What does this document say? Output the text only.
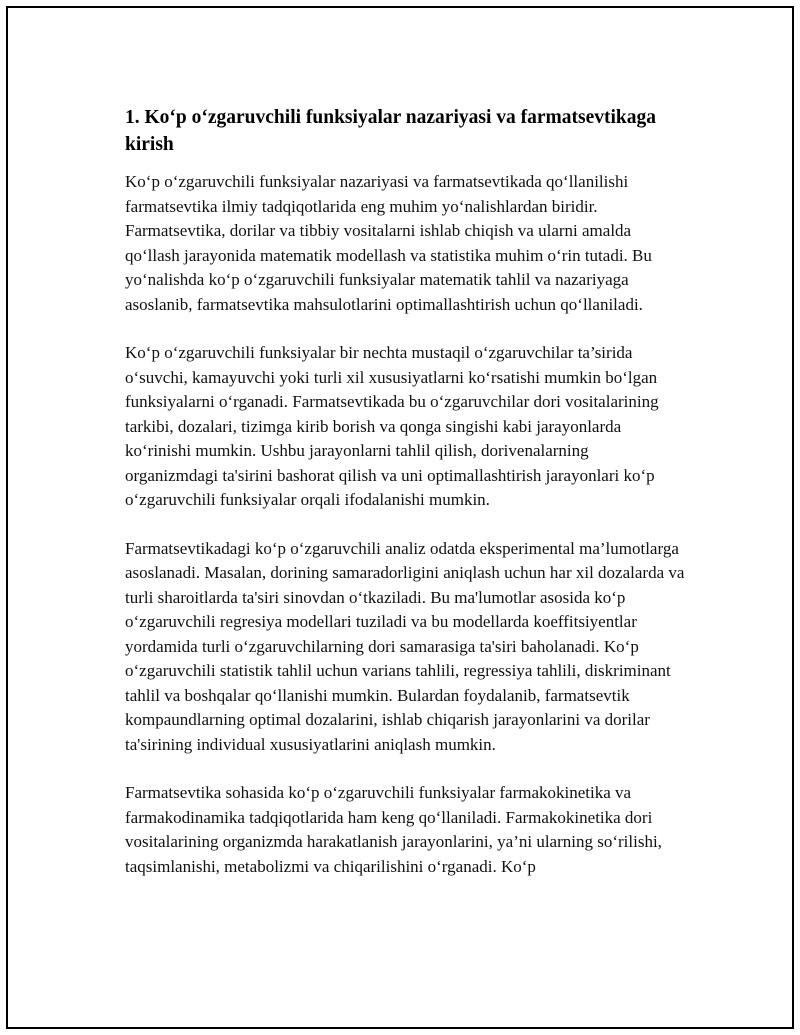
1. Ko‘p o‘zgaruvchili funksiyalar nazariyasi va farmatsevtikaga kirish

Ko‘p o‘zgaruvchili funksiyalar nazariyasi va farmatsevtikada qo‘llanilishi farmatsevtika ilmiy tadqiqotlarida eng muhim yo‘nalishlardan biridir. Farmatsevtika, dorilar va tibbiy vositalarni ishlab chiqish va ularni amalda qo‘llash jarayonida matematik modellash va statistika muhim o‘rin tutadi. Bu yo‘nalishda ko‘p o‘zgaruvchili funksiyalar matematik tahlil va nazariyaga asoslanib, farmatsevtika mahsulotlarini optimallashtirish uchun qo‘llaniladi.

Ko‘p o‘zgaruvchili funksiyalar bir nechta mustaqil o‘zgaruvchilar ta’sirida o‘suvchi, kamayuvchi yoki turli xil xususiyatlarni ko‘rsatishi mumkin bo‘lgan funksiyalarni o‘rganadi. Farmatsevtikada bu o‘zgaruvchilar dori vositalarining tarkibi, dozalari, tizimga kirib borish va qonga singishi kabi jarayonlarda ko‘rinishi mumkin. Ushbu jarayonlarni tahlil qilish, dorivenalarning organizmdagi ta'sirini bashorat qilish va uni optimallashtirish jarayonlari ko‘p o‘zgaruvchili funksiyalar orqali ifodalanishi mumkin.

Farmatsevtikadagi ko‘p o‘zgaruvchili analiz odatda eksperimental ma’lumotlarga asoslanadi. Masalan, dorining samaradorligini aniqlash uchun har xil dozalarda va turli sharoitlarda ta'siri sinovdan o‘tkaziladi. Bu ma'lumotlar asosida ko‘p o‘zgaruvchili regresiya modellari tuziladi va bu modellarda koeffitsiyentlar yordamida turli o‘zgaruvchilarning dori samarasiga ta'siri baholanadi. Ko‘p o‘zgaruvchili statistik tahlil uchun varians tahlili, regressiya tahlili, diskriminant tahlil va boshqalar qo‘llanishi mumkin. Bulardan foydalanib, farmatsevtik kompaundlarning optimal dozalarini, ishlab chiqarish jarayonlarini va dorilar ta'sirining individual xususiyatlarini aniqlash mumkin.

Farmatsevtika sohasida ko‘p o‘zgaruvchili funksiyalar farmakokinetika va farmakodinamika tadqiqotlarida ham keng qo‘llaniladi. Farmakokinetika dori vositalarining organizmda harakatlanish jarayonlarini, ya’ni ularning so‘rilishi, taqsimlanishi, metabolizmi va chiqarilishini o‘rganadi. Ko‘p
